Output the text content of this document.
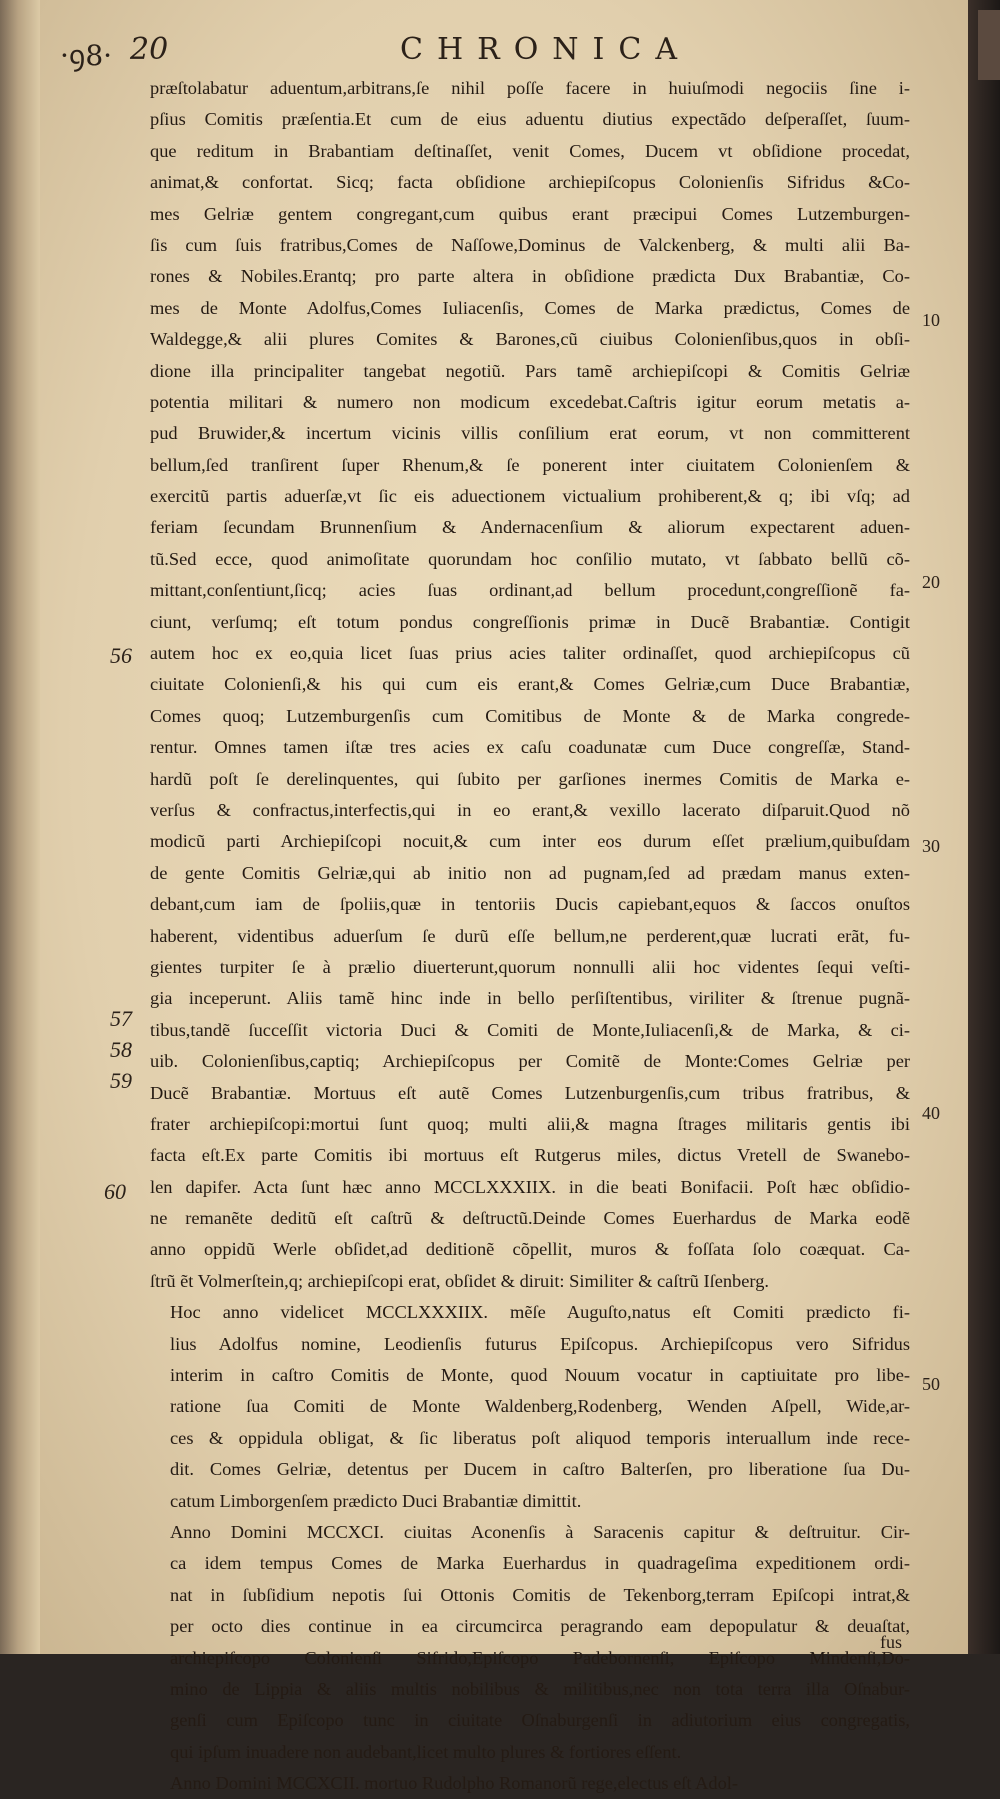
·ꝯ8· 20	CHRONICA
præſtolabatur aduentum,arbitrans,ſe nihil poſſe facere in huiuſmodi negociis ſine i-
pſius Comitis præſentia.Et cum de eius aduentu diutius expectãdo deſperaſſet, ſuum-
que reditum in Brabantiam deſtinaſſet, venit Comes, Ducem vt obſidione procedat,
animat,& confortat. Sicq; facta obſidione archiepiſcopus Colonienſis Sifridus &Co-
mes Gelriæ gentem congregant,cum quibus erant præcipui Comes Lutzemburgen-
ſis cum ſuis fratribus,Comes de Naſſowe,Dominus de Valckenberg, & multi alii Ba-
rones & Nobiles.Erantq; pro parte altera in obſidione prædicta Dux Brabantiæ, Co-
mes de Monte Adolfus,Comes Iuliacenſis, Comes de Marka prædictus, Comes de
Waldegge,& alii plures Comites & Barones,cũ ciuibus Colonienſibus,quos in obſi-
dione illa principaliter tangebat negotiũ. Pars tamẽ archiepiſcopi & Comitis Gelriæ
potentia militari & numero non modicum excedebat.Caſtris igitur eorum metatis a-
pud Bruwider,& incertum vicinis villis conſilium erat eorum, vt non committerent
bellum,ſed tranſirent ſuper Rhenum,& ſe ponerent inter ciuitatem Colonienſem &
exercitũ partis aduerſæ,vt ſic eis aduectionem victualium prohiberent,& q; ibi vſq; ad
feriam ſecundam Brunnenſium & Andernacenſium & aliorum expectarent aduen-
tũ.Sed ecce, quod animoſitate quorundam hoc conſilio mutato, vt ſabbato bellũ cõ-
mittant,conſentiunt,ſicq; acies ſuas ordinant,ad bellum procedunt,congreſſionẽ fa-
ciunt, verſumq; eſt totum pondus congreſſionis primæ in Ducẽ Brabantiæ. Contigit
autem hoc ex eo,quia licet ſuas prius acies taliter ordinaſſet, quod archiepiſcopus cũ
ciuitate Colonienſi,& his qui cum eis erant,& Comes Gelriæ,cum Duce Brabantiæ,
Comes quoq; Lutzemburgenſis cum Comitibus de Monte & de Marka congrede-
rentur. Omnes tamen iſtæ tres acies ex caſu coadunatæ cum Duce congreſſæ, Stand-
hardũ poſt ſe derelinquentes, qui ſubito per garſiones inermes Comitis de Marka e-
verſus & confractus,interfectis,qui in eo erant,& vexillo lacerato diſparuit.Quod nõ
modicũ parti Archiepiſcopi nocuit,& cum inter eos durum eſſet prælium,quibuſdam
de gente Comitis Gelriæ,qui ab initio non ad pugnam,ſed ad prædam manus exten-
debant,cum iam de ſpoliis,quæ in tentoriis Ducis capiebant,equos & ſaccos onuſtos
haberent, videntibus aduerſum ſe durũ eſſe bellum,ne perderent,quæ lucrati erãt, fu-
gientes turpiter ſe à prælio diuerterunt,quorum nonnulli alii hoc videntes ſequi veſti-
gia inceperunt. Aliis tamẽ hinc inde in bello perſiſtentibus, viriliter & ſtrenue pugnã-
tibus,tandẽ ſucceſſit victoria Duci & Comiti de Monte,Iuliacenſi,& de Marka, & ci-
uib. Colonienſibus,captiq; Archiepiſcopus per Comitẽ de Monte:Comes Gelriæ per
Ducẽ Brabantiæ. Mortuus eſt autẽ Comes Lutzenburgenſis,cum tribus fratribus, &
frater archiepiſcopi:mortui ſunt quoq; multi alii,& magna ſtrages militaris gentis ibi
facta eſt.Ex parte Comitis ibi mortuus eſt Rutgerus miles, dictus Vretell de Swanebo-
len dapifer. Acta ſunt hæc anno MCCLXXXIIX. in die beati Bonifacii. Poſt hæc obſidio-
ne remanẽte deditũ eſt caſtrũ & deſtructũ.Deinde Comes Euerhardus de Marka eodẽ
anno oppidũ Werle obſidet,ad deditionẽ cõpellit, muros & foſſata ſolo coæquat. Ca-
ſtrũ ẽt Volmerſtein,q; archiepiſcopi erat, obſidet & diruit: Similiter & caſtrũ Iſenberg.
Hoc anno videlicet MCCLXXXIIX. mẽſe Auguſto,natus eſt Comiti prædicto fi-
lius Adolfus nomine, Leodienſis futurus Epiſcopus. Archiepiſcopus vero Sifridus
interim in caſtro Comitis de Monte, quod Nouum vocatur in captiuitate pro libe-
ratione ſua Comiti de Monte Waldenberg,Rodenberg, Wenden Aſpell, Wide,ar-
ces & oppidula obligat, & ſic liberatus poſt aliquod temporis interuallum inde rece-
dit. Comes Gelriæ, detentus per Ducem in caſtro Balterſen, pro liberatione ſua Du-
catum Limborgenſem prædicto Duci Brabantiæ dimittit.
Anno Domini MCCXCI. ciuitas Aconenſis à Saracenis capitur & deſtruitur. Cir-
ca idem tempus Comes de Marka Euerhardus in quadrageſima expeditionem ordi-
nat in ſubſidium nepotis ſui Ottonis Comitis de Tekenborg,terram Epiſcopi intrat,&
per octo dies continue in ea circumcirca peragrando eam depopulatur & deuaſtat,
archiepiſcopo Colonienſi Sifrido,Epiſcopo Padebornenſi, Epiſcopo Mindenſi,Do-
mino de Lippia & aliis multis nobilibus & militibus,nec non tota terra illa Oſnabur-
genſi cum Epiſcopo tunc in ciuitate Oſnaburgenſi in adiutorium eius congregatis,
qui ipſum inuadere non audebant,licet multo plures & fortiores eſſent.
Anno Domini MCCXCII. mortuo Rudolpho Romanorũ rege,electus eſt Adol-
56
57
58
59
60
10
20
30
40
50
fus
